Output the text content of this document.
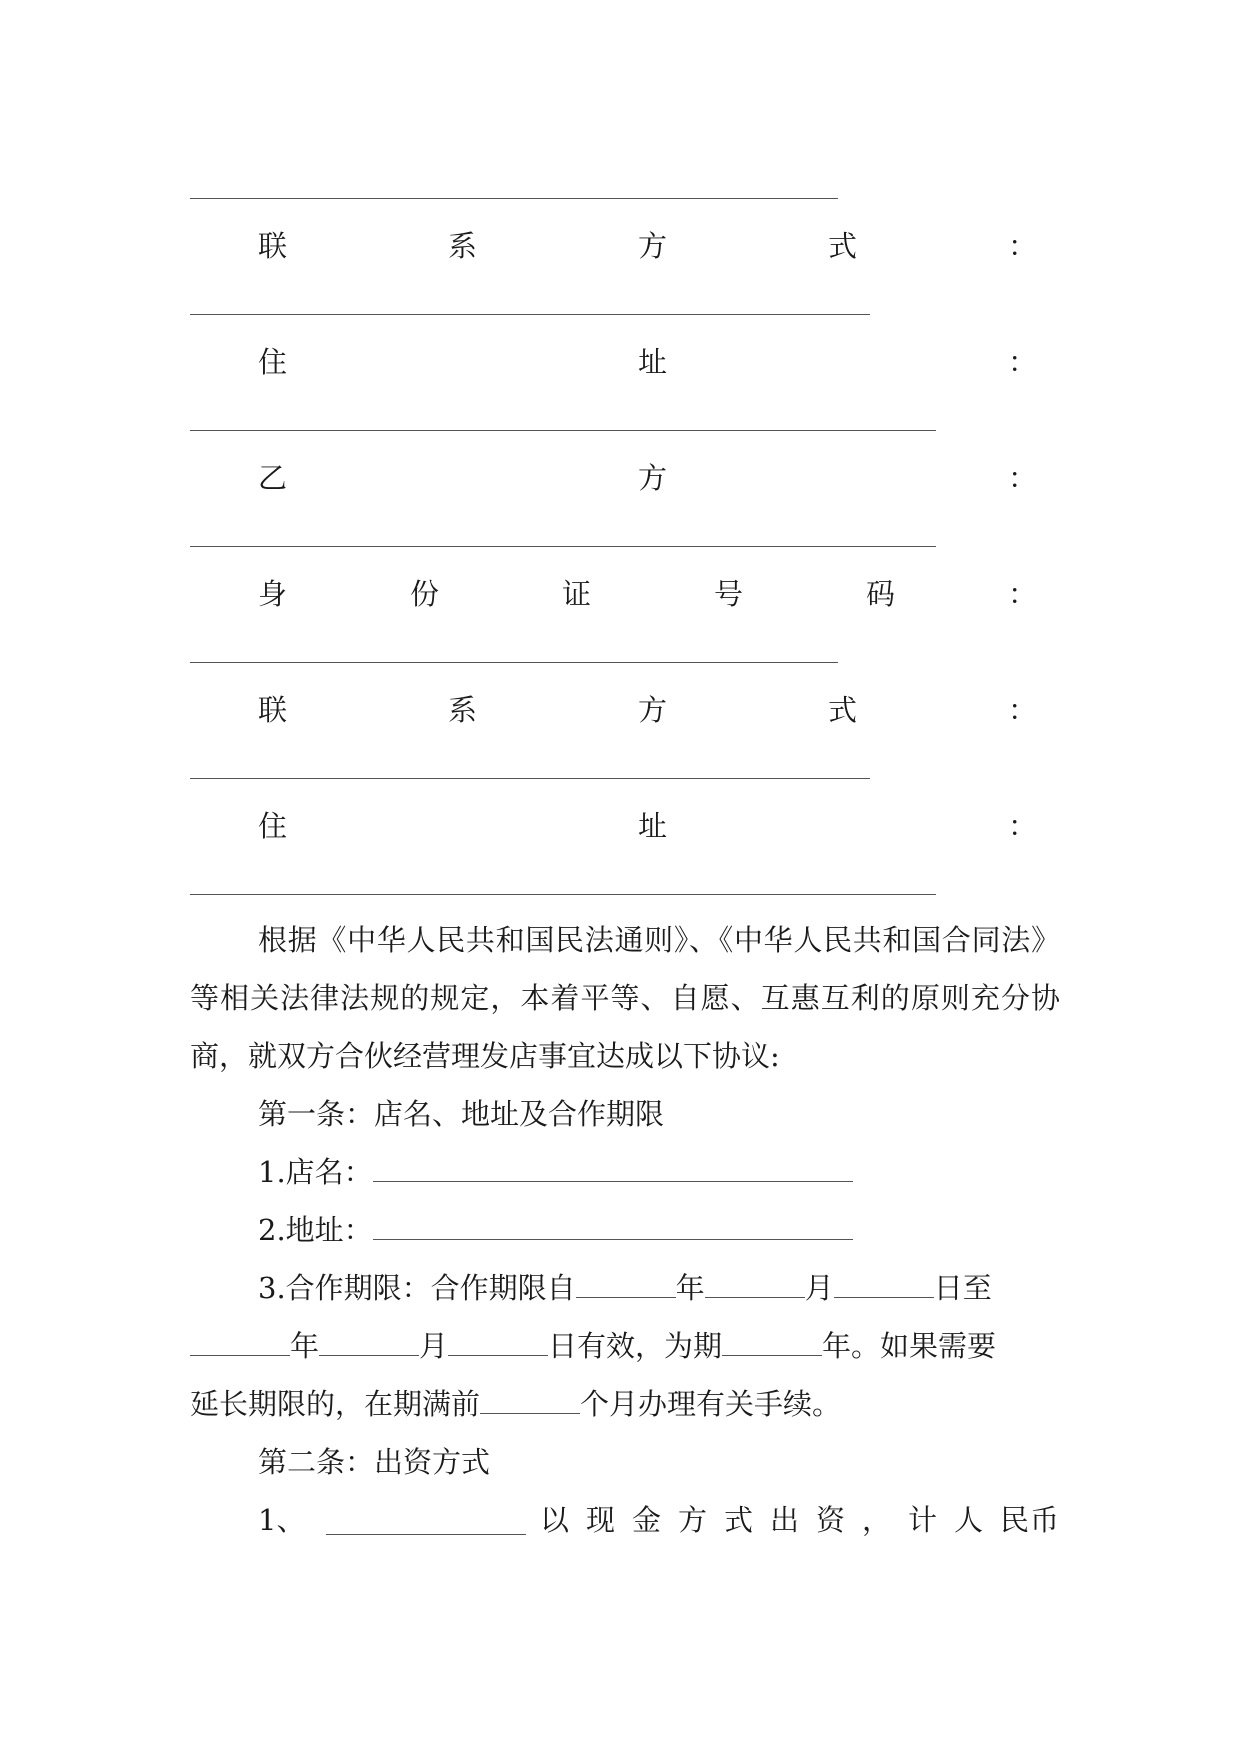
联	系	方	式	：
住	址	：
乙	方	：
身	份	证	号	码	：
联	系	方	式	：
住	址	：
根据《中华人民共和国民法通则》、《中华人民共和国合同法》等相关法律法规的规定，本着平等、自愿、互惠互利的原则充分协商，就双方合伙经营理发店事宜达成以下协议:
第一条：店名、地址及合作期限
1.店名：
2.地址：
3.合作期限：合作期限自	年	月	日至
年	月	日有效，为期	年。如果需要
延长期限的，在期满前	个月办理有关手续。
第二条：出资方式
1、	以 现 金 方 式 出 资 ， 计 人 民 币
